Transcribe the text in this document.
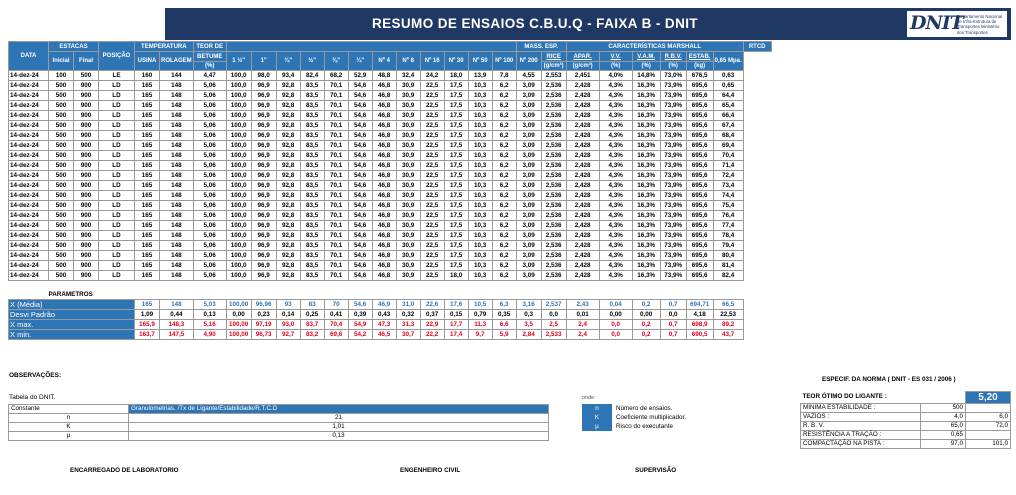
RESUMO DE ENSAIOS C.B.U.Q - FAIXA B - DNIT	DNIT
Departamento Nacional de Infra-Estrutura de Transportes Ministério dos Transportes
DATA	ESTACAS		POSIÇÃO	TEMPERATURA		TEOR DE													MASS. ESP.		CARACTERÍSTICAS MARSHALL						RTCD
	Inicial	Final		USINA	ROLAGEM	BETUME	1 ½"	1"	¾"	½"	⅜"	¼"	Nº 4	Nº 8	Nº 16	Nº 30	Nº 50	Nº 100	Nº 200	RICE	APAR.	V.V.	V.A.M.	R.B.V.	ESTAB.	0,65 Mpa.	
						(%)														(g/cm³)	(g/cm³)	(%)	(%)	(%)	(kg)		
14-dez-24	100	500	LE	160	144	4,47	100,0	98,0	93,4	82,4	68,2	52,9	48,8	32,4	24,2	18,0	13,9	7,8	4,55	2,553	2,451	4,0%	14,8%	73,0%	676,5	0,63	
14-dez-24	500	900	LD	165	148	5,06	100,0	96,9	92,8	83,5	70,1	54,6	46,8	30,9	22,5	17,5	10,3	6,2	3,09	2,536	2,428	4,3%	16,3%	73,9%	695,6	0,65	
14-dez-24	500	900	LD	165	148	5,06	100,0	96,9	92,8	83,5	70,1	54,6	46,8	30,9	22,5	17,5	10,3	6,2	3,09	2,536	2,428	4,3%	16,3%	73,9%	695,6	64,4	
14-dez-24	500	900	LD	165	148	5,06	100,0	96,9	92,8	83,5	70,1	54,6	46,8	30,9	22,5	17,5	10,3	6,2	3,09	2,536	2,428	4,3%	16,3%	73,9%	695,6	65,4	
14-dez-24	500	900	LD	165	148	5,06	100,0	96,9	92,8	83,5	70,1	54,6	46,8	30,9	22,5	17,5	10,3	6,2	3,09	2,536	2,428	4,3%	16,3%	73,9%	695,6	66,4	
14-dez-24	500	900	LD	165	148	5,06	100,0	96,9	92,8	83,5	70,1	54,6	46,8	30,9	22,5	17,5	10,3	6,2	3,09	2,536	2,428	4,3%	16,3%	73,9%	695,6	67,4	
14-dez-24	500	900	LD	165	148	5,06	100,0	96,9	92,8	83,5	70,1	54,6	46,8	30,9	22,5	17,5	10,3	6,2	3,09	2,536	2,428	4,3%	16,3%	73,9%	695,6	68,4	
14-dez-24	500	900	LD	165	148	5,06	100,0	96,9	92,8	83,5	70,1	54,6	46,8	30,9	22,5	17,5	10,3	6,2	3,09	2,536	2,428	4,3%	16,3%	73,9%	695,6	69,4	
14-dez-24	500	900	LD	165	148	5,06	100,0	96,9	92,8	83,5	70,1	54,6	46,8	30,9	22,5	17,5	10,3	6,2	3,09	2,536	2,428	4,3%	16,3%	73,9%	695,6	70,4	
14-dez-24	500	900	LD	165	148	5,06	100,0	96,9	92,8	83,5	70,1	54,6	46,8	30,9	22,5	17,5	10,3	6,2	3,09	2,536	2,428	4,3%	16,3%	73,9%	695,6	71,4	
14-dez-24	500	900	LD	165	148	5,06	100,0	96,9	92,8	83,5	70,1	54,6	46,8	30,9	22,5	17,5	10,3	6,2	3,09	2,536	2,428	4,3%	16,3%	73,9%	695,6	72,4	
14-dez-24	500	900	LD	165	148	5,06	100,0	96,9	92,8	83,5	70,1	54,6	46,8	30,9	22,5	17,5	10,3	6,2	3,09	2,536	2,428	4,3%	16,3%	73,9%	695,6	73,4	
14-dez-24	500	900	LD	165	148	5,06	100,0	96,9	92,8	83,5	70,1	54,6	46,8	30,9	22,5	17,5	10,3	6,2	3,09	2,536	2,428	4,3%	16,3%	73,9%	695,6	74,4	
14-dez-24	500	900	LD	165	148	5,06	100,0	96,9	92,8	83,5	70,1	54,6	46,8	30,9	22,5	17,5	10,3	6,2	3,09	2,536	2,428	4,3%	16,3%	73,9%	695,6	75,4	
14-dez-24	500	900	LD	165	148	5,06	100,0	96,9	92,8	83,5	70,1	54,6	46,8	30,9	22,5	17,5	10,3	6,2	3,09	2,536	2,428	4,3%	16,3%	73,9%	695,6	76,4	
14-dez-24	500	900	LD	165	148	5,06	100,0	96,9	92,8	83,5	70,1	54,6	46,8	30,9	22,5	17,5	10,3	6,2	3,09	2,536	2,428	4,3%	16,3%	73,9%	695,6	77,4	
14-dez-24	500	900	LD	165	148	5,06	100,0	96,9	92,8	83,5	70,1	54,6	46,8	30,9	22,5	17,5	10,3	6,2	3,09	2,536	2,428	4,3%	16,3%	73,9%	695,6	78,4	
14-dez-24	500	900	LD	165	148	5,06	100,0	96,9	92,8	83,5	70,1	54,6	46,8	30,9	22,5	17,5	10,3	6,2	3,09	2,536	2,428	4,3%	16,3%	73,9%	695,6	79,4	
14-dez-24	500	900	LD	165	148	5,06	100,0	96,9	92,8	83,5	70,1	54,6	46,8	30,9	22,5	17,5	10,3	6,2	3,09	2,536	2,428	4,3%	16,3%	73,9%	695,6	80,4	
14-dez-24	500	900	LD	165	148	5,06	100,0	96,9	92,8	83,5	70,1	54,6	46,8	30,9	22,5	17,5	10,3	6,2	3,09	2,536	2,428	4,3%	16,3%	73,9%	695,6	81,4	
14-dez-24	500	900	LD	165	148	5,06	100,0	96,9	92,8	83,5	70,1	54,6	46,8	30,9	22,5	18,0	10,3	6,2	3,09	2,536	2,428	4,3%	16,3%	73,9%	695,6	82,4	

PARÂMETROS																											
X (Média)				165	148	5,03	100,00	96,96	93	83	70	54,6	46,9	31,0	22,6	17,6	10,5	6,3	3,16	2,537	2,43	0,04	0,2	0,7	694,71	66,5	
Desvi Padrão				1,09	0,44	0,13	0,00	0,23	0,14	0,25	0,41	0,39	0,43	0,32	0,37	0,15	0,79	0,35	0,3	0,0	0,01	0,00	0,00	0,0	4,18	22,53	
X max.				165,9	148,3	5,16	100,00	97,19	93,0	83,7	70,4	54,9	47,3	31,3	22,9	17,7	11,3	6,6	3,5	2,5	2,4	0,0	0,2	0,7	698,9	89,2	
X min.				163,7	147,5	4,90	100,00	96,73	92,7	83,2	69,6	54,2	46,5	30,7	22,2	17,4	9,7	5,9	2,84	2,533	2,4	0,0	0,2	0,7	690,5	43,7	
OBSERVAÇÕES:
Tabela do DNIT.
Constante	Granulometrias. /Tx de Ligante/Estabilidade/R.T.C.D
n	21
K	1,01
µ	0,13
onde:
n	Número de ensaios.
K	Coeficiente multiplicador.
µ	Risco do executante
ESPECIF. DA NORMA ( DNIT - ES 031 / 2006 )
TEOR ÓTIMO DO LIGANTE :		5,20
MINIMA ESTABILIDADE :	500	
VAZIOS :	4,0	6,0
R. B. V.	65,0	72,0
RESISTÊNCIA A TRAÇÃO :	0,65	
COMPACTAÇÃO NA PISTA :	97,0	101,0
ENCARREGADO DE LABORATORIO	ENGENHEIRO CIVIL	SUPERVISÃO
